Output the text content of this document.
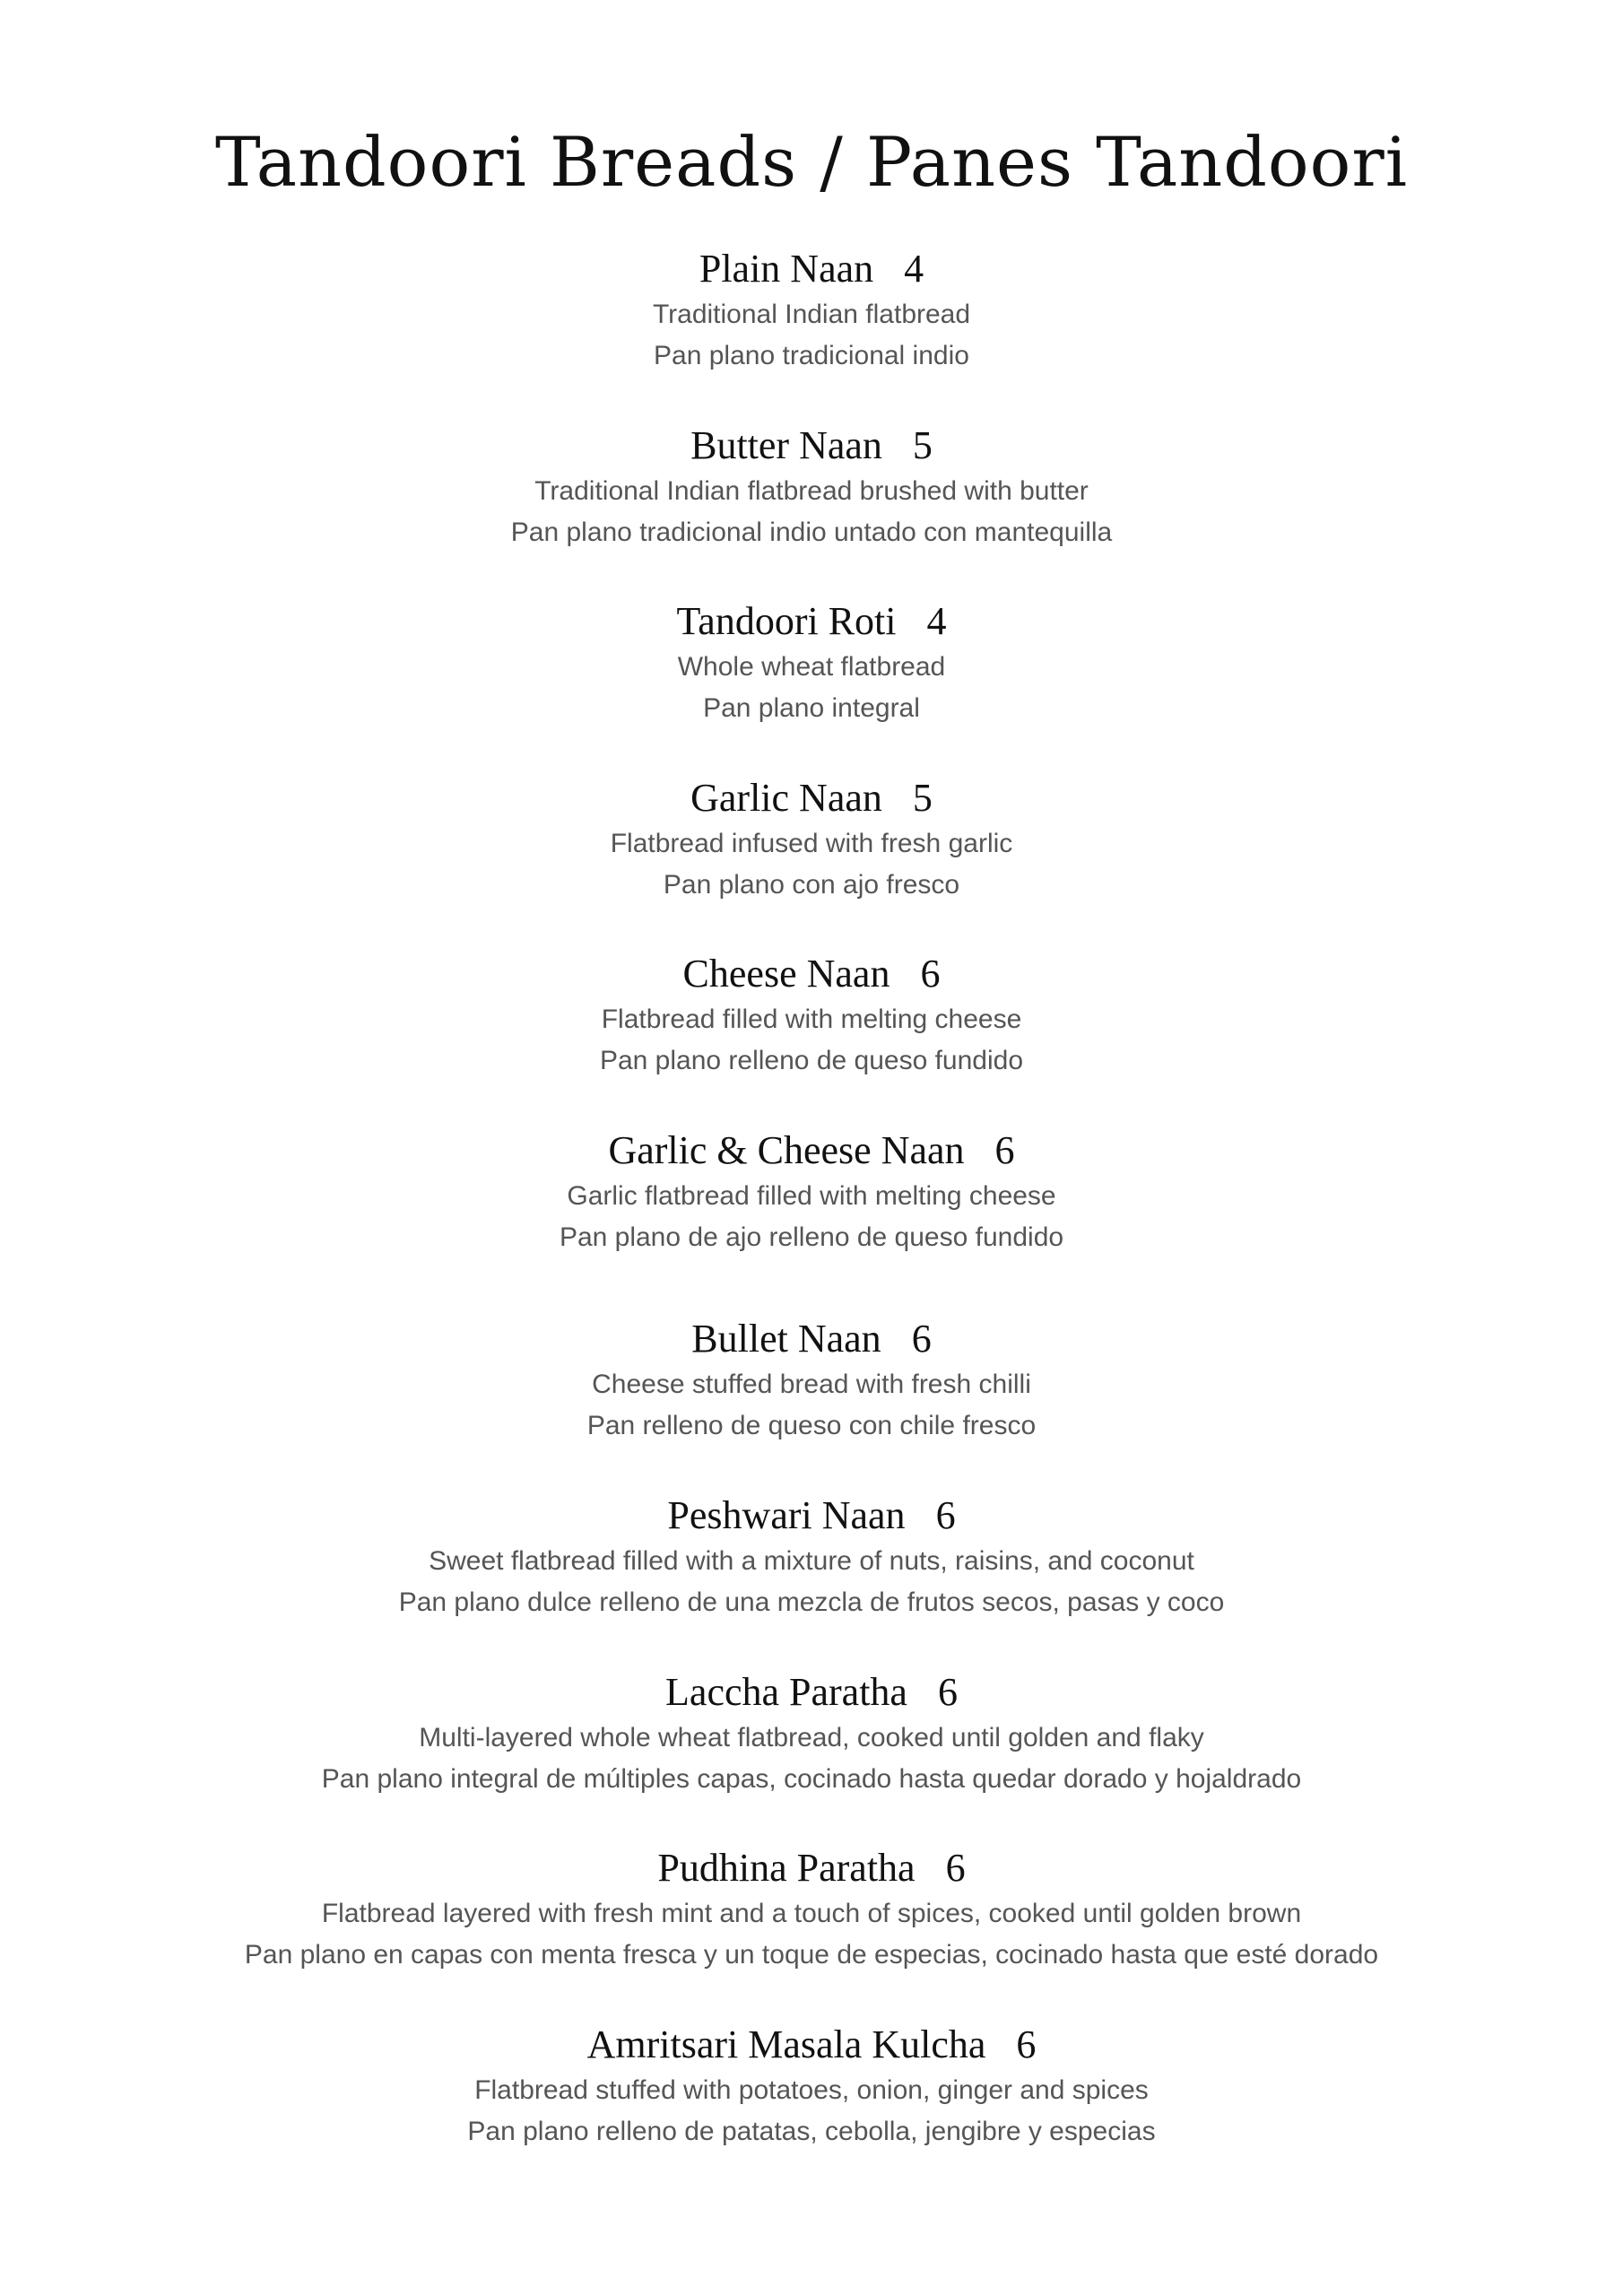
Tandoori Breads / Panes Tandoori
Plain Naan 4
Traditional Indian flatbread
Pan plano tradicional indio
Butter Naan 5
Traditional Indian flatbread brushed with butter
Pan plano tradicional indio untado con mantequilla
Tandoori Roti 4
Whole wheat flatbread
Pan plano integral
Garlic Naan 5
Flatbread infused with fresh garlic
Pan plano con ajo fresco
Cheese Naan 6
Flatbread filled with melting cheese
Pan plano relleno de queso fundido
Garlic & Cheese Naan 6
Garlic flatbread filled with melting cheese
Pan plano de ajo relleno de queso fundido
Bullet Naan 6
Cheese stuffed bread with fresh chilli
Pan relleno de queso con chile fresco
Peshwari Naan 6
Sweet flatbread filled with a mixture of nuts, raisins, and coconut
Pan plano dulce relleno de una mezcla de frutos secos, pasas y coco
Laccha Paratha 6
Multi-layered whole wheat flatbread, cooked until golden and flaky
Pan plano integral de múltiples capas, cocinado hasta quedar dorado y hojaldrado
Pudhina Paratha 6
Flatbread layered with fresh mint and a touch of spices, cooked until golden brown
Pan plano en capas con menta fresca y un toque de especias, cocinado hasta que esté dorado
Amritsari Masala Kulcha 6
Flatbread stuffed with potatoes, onion, ginger and spices
Pan plano relleno de patatas, cebolla, jengibre y especias
